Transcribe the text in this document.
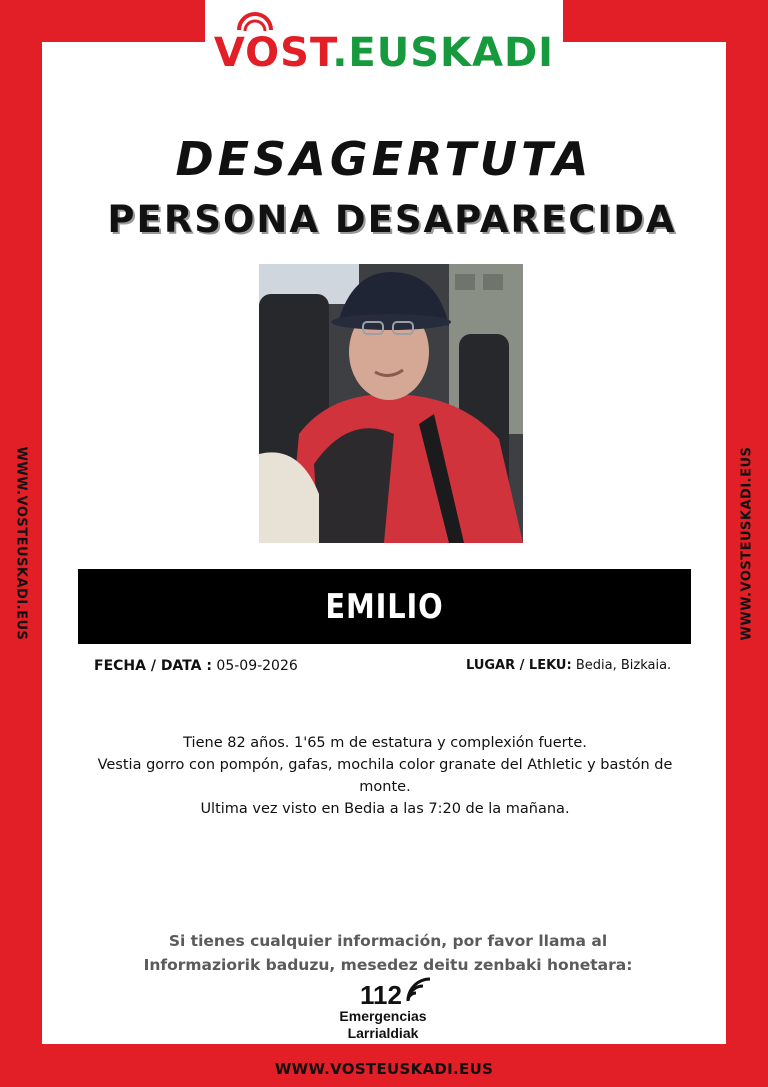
VOST.EUSKADI
WWW.VOSTEUSKADI.EUS	WWW.VOSTEUSKADI.EUS
DESAGERTUTA
PERSONA DESAPARECIDA
EMILIO
FECHA / DATA : 05-09-2026	LUGAR / LEKU: Bedia, Bizkaia.
Tiene 82 años. 1'65 m de estatura y complexión fuerte.
Vestia gorro con pompón, gafas, mochila color granate del Athletic y bastón de monte.
Ultima vez visto en Bedia a las 7:20 de la mañana.
Si tienes cualquier información, por favor llama al
Informaziorik baduzu, mesedez deitu zenbaki honetara:
112
Emergencias
Larrialdiak
WWW.VOSTEUSKADI.EUS
